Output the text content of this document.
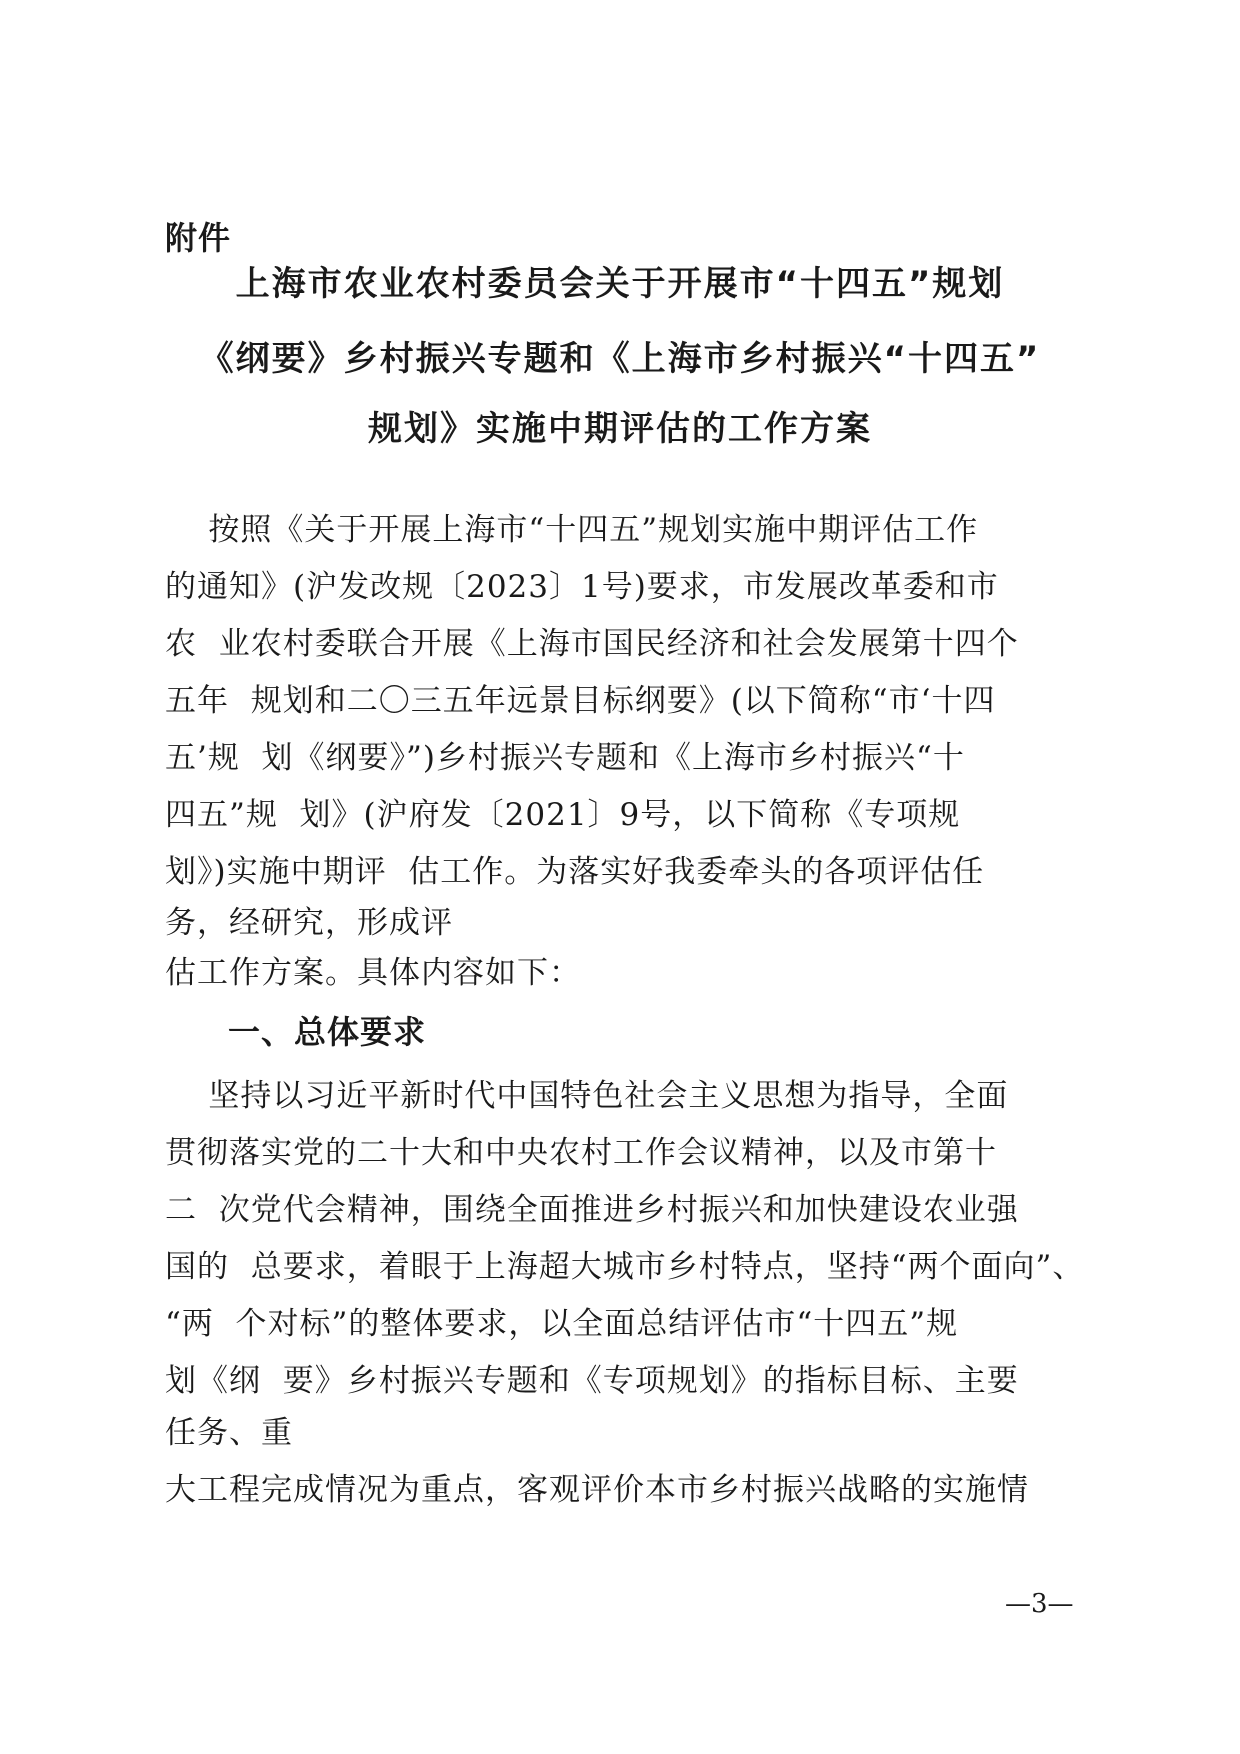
附件
上海市农业农村委员会关于开展市“十四五”规划
《纲要》乡村振兴专题和《上海市乡村振兴“十四五”
规划》实施中期评估的工作方案
按照《关于开展上海市“十四五”规划实施中期评估工作
的通知》(沪发改规〔2023〕1号)要求，市发展改革委和市
农  业农村委联合开展《上海市国民经济和社会发展第十四个
五年  规划和二〇三五年远景目标纲要》(以下简称“市‘十四
五’规  划《纲要》”)乡村振兴专题和《上海市乡村振兴“十
四五”规  划》(沪府发〔2021〕9号，以下简称《专项规
划》)实施中期评  估工作。为落实好我委牵头的各项评估任
务，经研究，形成评
估工作方案。具体内容如下：
一、总体要求
坚持以习近平新时代中国特色社会主义思想为指导，全面
贯彻落实党的二十大和中央农村工作会议精神，以及市第十
二  次党代会精神，围绕全面推进乡村振兴和加快建设农业强
国的  总要求，着眼于上海超大城市乡村特点，坚持“两个面向”、
“两  个对标”的整体要求，以全面总结评估市“十四五”规
划《纲  要》乡村振兴专题和《专项规划》的指标目标、主要
任务、重
大工程完成情况为重点，客观评价本市乡村振兴战略的实施情
—3—
